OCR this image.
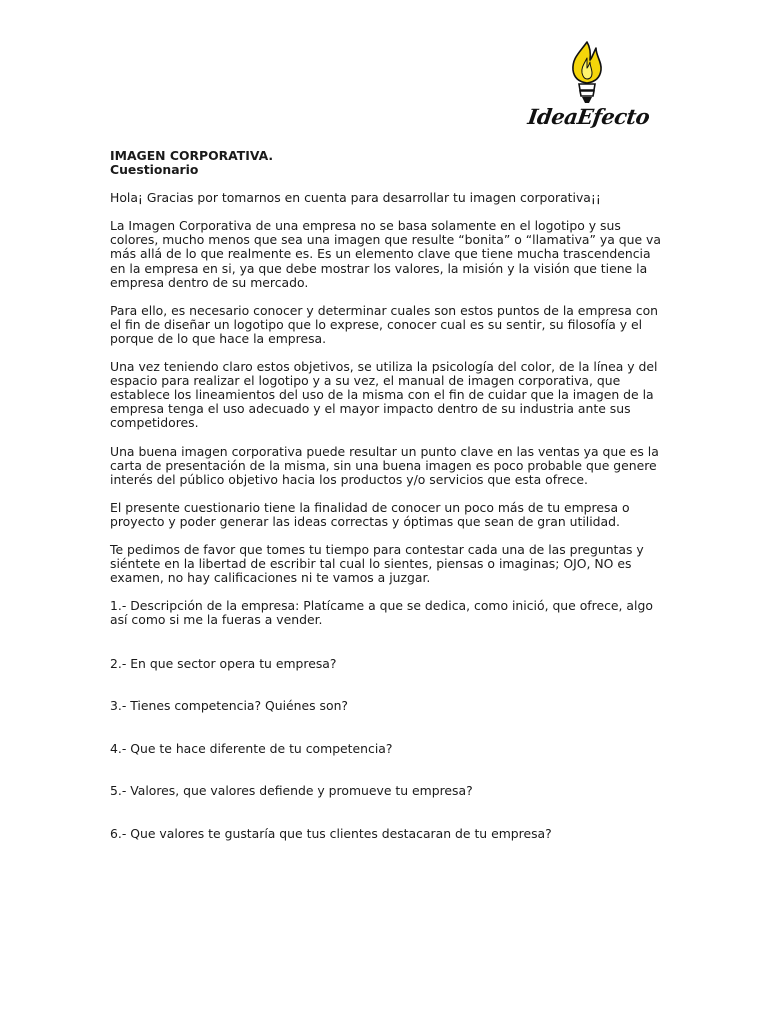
IdeaEfecto

IMAGEN CORPORATIVA.

Cuestionario

Hola¡ Gracias por tomarnos en cuenta para desarrollar tu imagen corporativa¡¡

La Imagen Corporativa de una empresa no se basa solamente en el logotipo y sus colores, mucho menos que sea una imagen que resulte “bonita” o “llamativa” ya que va más allá de lo que realmente es. Es un elemento clave que tiene mucha trascendencia en la empresa en si, ya que debe mostrar los valores, la misión y la visión que tiene la empresa dentro de su mercado.

Para ello, es necesario conocer y determinar cuales son estos puntos de la empresa con el fin de diseñar un logotipo que lo exprese, conocer cual es su sentir, su filosofía y el porque de lo que hace la empresa.

Una vez teniendo claro estos objetivos, se utiliza la psicología del color, de la línea y del espacio para realizar el logotipo y a su vez, el manual de imagen corporativa, que establece los lineamientos del uso de la misma con el fin de cuidar que la imagen de la empresa tenga el uso adecuado y el mayor impacto dentro de su industria ante sus competidores.

Una buena imagen corporativa puede resultar un punto clave en las ventas ya que es la carta de presentación de la misma, sin una buena imagen es poco probable que genere interés del público objetivo hacia los productos y/o servicios que esta ofrece.

El presente cuestionario tiene la finalidad de conocer un poco más de tu empresa o proyecto y poder generar las ideas correctas y óptimas que sean de gran utilidad.

Te pedimos de favor que tomes tu tiempo para contestar cada una de las preguntas y siéntete en la libertad de escribir tal cual lo sientes, piensas o imaginas; OJO, NO es examen, no hay calificaciones ni te vamos a juzgar.

1.- Descripción de la empresa: Platícame a que se dedica, como inició, que ofrece, algo así como si me la fueras a vender.

2.- En que sector opera tu empresa?

3.- Tienes competencia? Quiénes son?

4.- Que te hace diferente de tu competencia?

5.- Valores, que valores defiende y promueve tu empresa?

6.- Que valores te gustaría que tus clientes destacaran de tu empresa?
